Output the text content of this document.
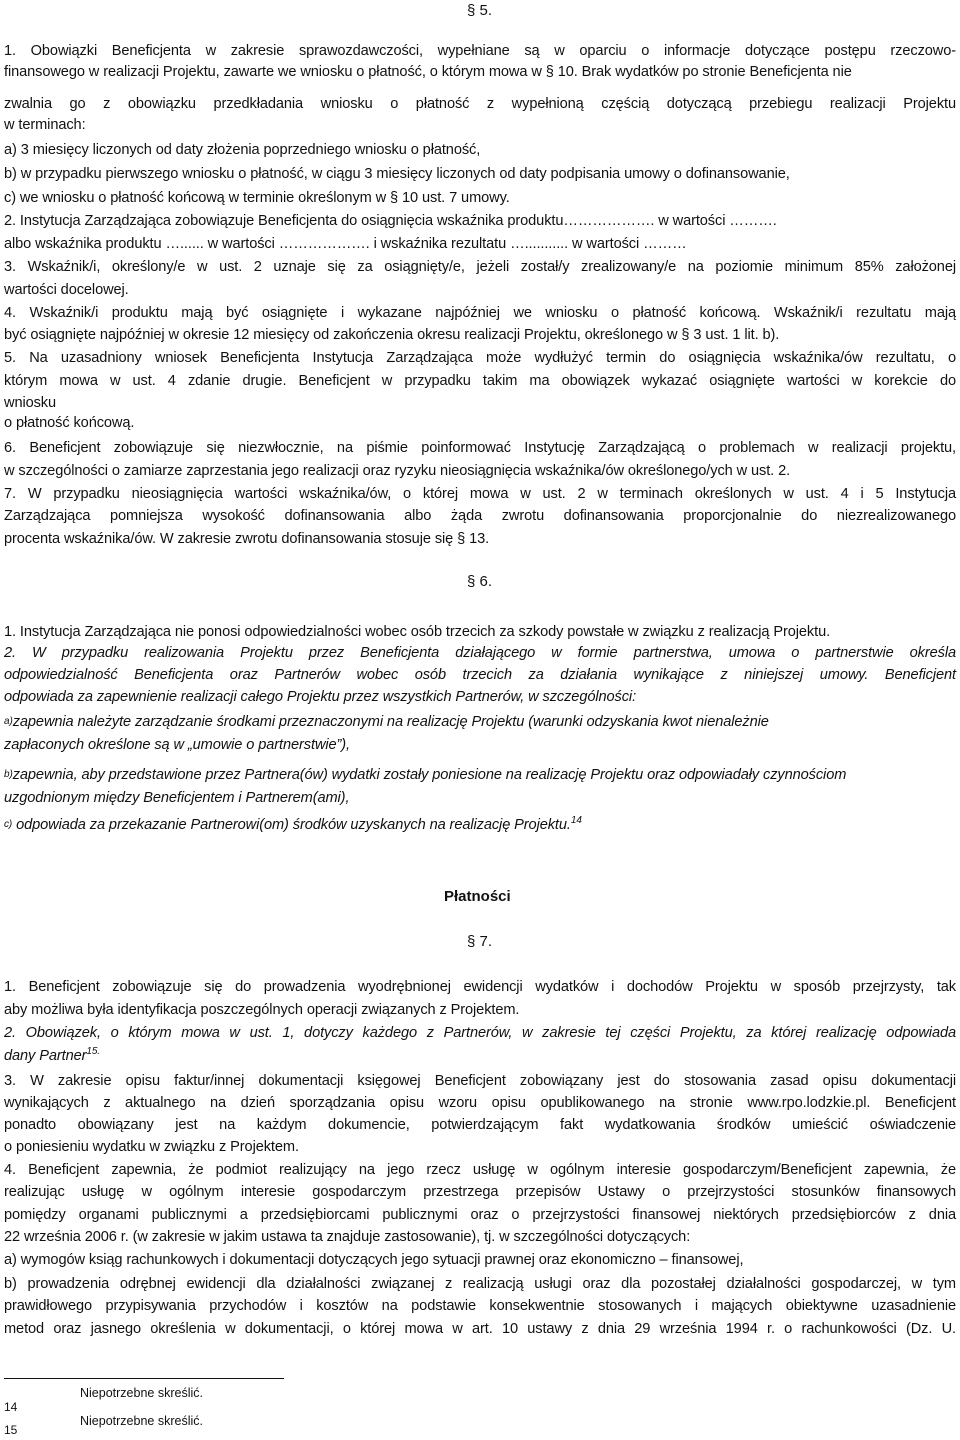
§ 5.
1. Obowiązki Beneficjenta w zakresie sprawozdawczości, wypełniane są w oparciu o informacje dotyczące postępu rzeczowo-
finansowego w realizacji Projektu, zawarte we wniosku o płatność, o którym mowa w § 10. Brak wydatków po stronie Beneficjenta nie
zwalnia go z obowiązku przedkładania wniosku o płatność z wypełnioną częścią dotyczącą przebiegu realizacji Projektu
w terminach:
a) 3 miesięcy liczonych od daty złożenia poprzedniego wniosku o płatność,
b) w przypadku pierwszego wniosku o płatność, w ciągu 3 miesięcy liczonych od daty podpisania umowy o dofinansowanie,
c) we wniosku o płatność końcową w terminie określonym w § 10 ust. 7 umowy.
2. Instytucja Zarządzająca zobowiązuje Beneficjenta do osiągnięcia wskaźnika produktu………………. w wartości ……….
albo wskaźnika produktu …...... w wartości ………………. i wskaźnika rezultatu …........... w wartości ………
3. Wskaźnik/i, określony/e w ust. 2 uznaje się za osiągnięty/e, jeżeli został/y zrealizowany/e na poziomie minimum 85% założonej
wartości docelowej.
4. Wskaźnik/i produktu mają być osiągnięte i wykazane najpóźniej we wniosku o płatność końcową. Wskaźnik/i rezultatu mają
być osiągnięte najpóźniej w okresie 12 miesięcy od zakończenia okresu realizacji Projektu, określonego w § 3 ust. 1 lit. b).
5. Na uzasadniony wniosek Beneficjenta Instytucja Zarządzająca może wydłużyć termin do osiągnięcia wskaźnika/ów rezultatu, o
którym mowa w ust. 4 zdanie drugie. Beneficjent w przypadku takim ma obowiązek wykazać osiągnięte wartości w korekcie do
wniosku
o płatność końcową.
6. Beneficjent zobowiązuje się niezwłocznie, na piśmie poinformować Instytucję Zarządzającą o problemach w realizacji projektu,
w szczególności o zamiarze zaprzestania jego realizacji oraz ryzyku nieosiągnięcia wskaźnika/ów określonego/ych w ust. 2.
7. W przypadku nieosiągnięcia wartości wskaźnika/ów, o której mowa w ust. 2 w terminach określonych w ust. 4 i 5 Instytucja
Zarządzająca pomniejsza wysokość dofinansowania albo żąda zwrotu dofinansowania proporcjonalnie do niezrealizowanego
procenta wskaźnika/ów. W zakresie zwrotu dofinansowania stosuje się § 13.
§ 6.
1. Instytucja Zarządzająca nie ponosi odpowiedzialności wobec osób trzecich za szkody powstałe w związku z realizacją Projektu.
2. W przypadku realizowania Projektu przez Beneficjenta działającego w formie partnerstwa, umowa o partnerstwie określa
odpowiedzialność Beneficjenta oraz Partnerów wobec osób trzecich za działania wynikające z niniejszej umowy. Beneficjent
odpowiada za zapewnienie realizacji całego Projektu przez wszystkich Partnerów, w szczególności:
$^{a)}$zapewnia należyte zarządzanie środkami przeznaczonymi na realizację Projektu (warunki odzyskania kwot nienależnie
zapłaconych określone są w „umowie o partnerstwie”),
$^{b)}$zapewnia, aby przedstawione przez Partnera(ów) wydatki zostały poniesione na realizację Projektu oraz odpowiadały czynnościom
uzgodnionym między Beneficjentem i Partnerem(ami),
$^{c)}$ odpowiada za przekazanie Partnerowi(om) środków uzyskanych na realizację Projektu.$^{14}$
Płatności
§ 7.
1. Beneficjent zobowiązuje się do prowadzenia wyodrębnionej ewidencji wydatków i dochodów Projektu w sposób przejrzysty, tak
aby możliwa była identyfikacja poszczególnych operacji związanych z Projektem.
2. Obowiązek, o którym mowa w ust. 1, dotyczy każdego z Partnerów, w zakresie tej części Projektu, za której realizację odpowiada
dany Partner$^{15.}$
3. W zakresie opisu faktur/innej dokumentacji księgowej Beneficjent zobowiązany jest do stosowania zasad opisu dokumentacji
wynikających z aktualnego na dzień sporządzania opisu wzoru opisu opublikowanego na stronie www.rpo.lodzkie.pl. Beneficjent
ponadto obowiązany jest na każdym dokumencie, potwierdzającym fakt wydatkowania środków umieścić oświadczenie
o poniesieniu wydatku w związku z Projektem.
4. Beneficjent zapewnia, że podmiot realizujący na jego rzecz usługę w ogólnym interesie gospodarczym/Beneficjent zapewnia, że
realizując usługę w ogólnym interesie gospodarczym przestrzega przepisów Ustawy o przejrzystości stosunków finansowych
pomiędzy organami publicznymi a przedsiębiorcami publicznymi oraz o przejrzystości finansowej niektórych przedsiębiorców z dnia
22 września 2006 r. (w zakresie w jakim ustawa ta znajduje zastosowanie), tj. w szczególności dotyczących:
a) wymogów ksiąg rachunkowych i dokumentacji dotyczących jego sytuacji prawnej oraz ekonomiczno – finansowej,
b) prowadzenia odrębnej ewidencji dla działalności związanej z realizacją usługi oraz dla pozostałej działalności gospodarczej, w tym
prawidłowego przypisywania przychodów i kosztów na podstawie konsekwentnie stosowanych i mających obiektywne uzasadnienie
metod oraz jasnego określenia w dokumentacji, o której mowa w art. 10 ustawy z dnia 29 września 1994 r. o rachunkowości (Dz. U.
14
Niepotrzebne skreślić.
15
Niepotrzebne skreślić.
